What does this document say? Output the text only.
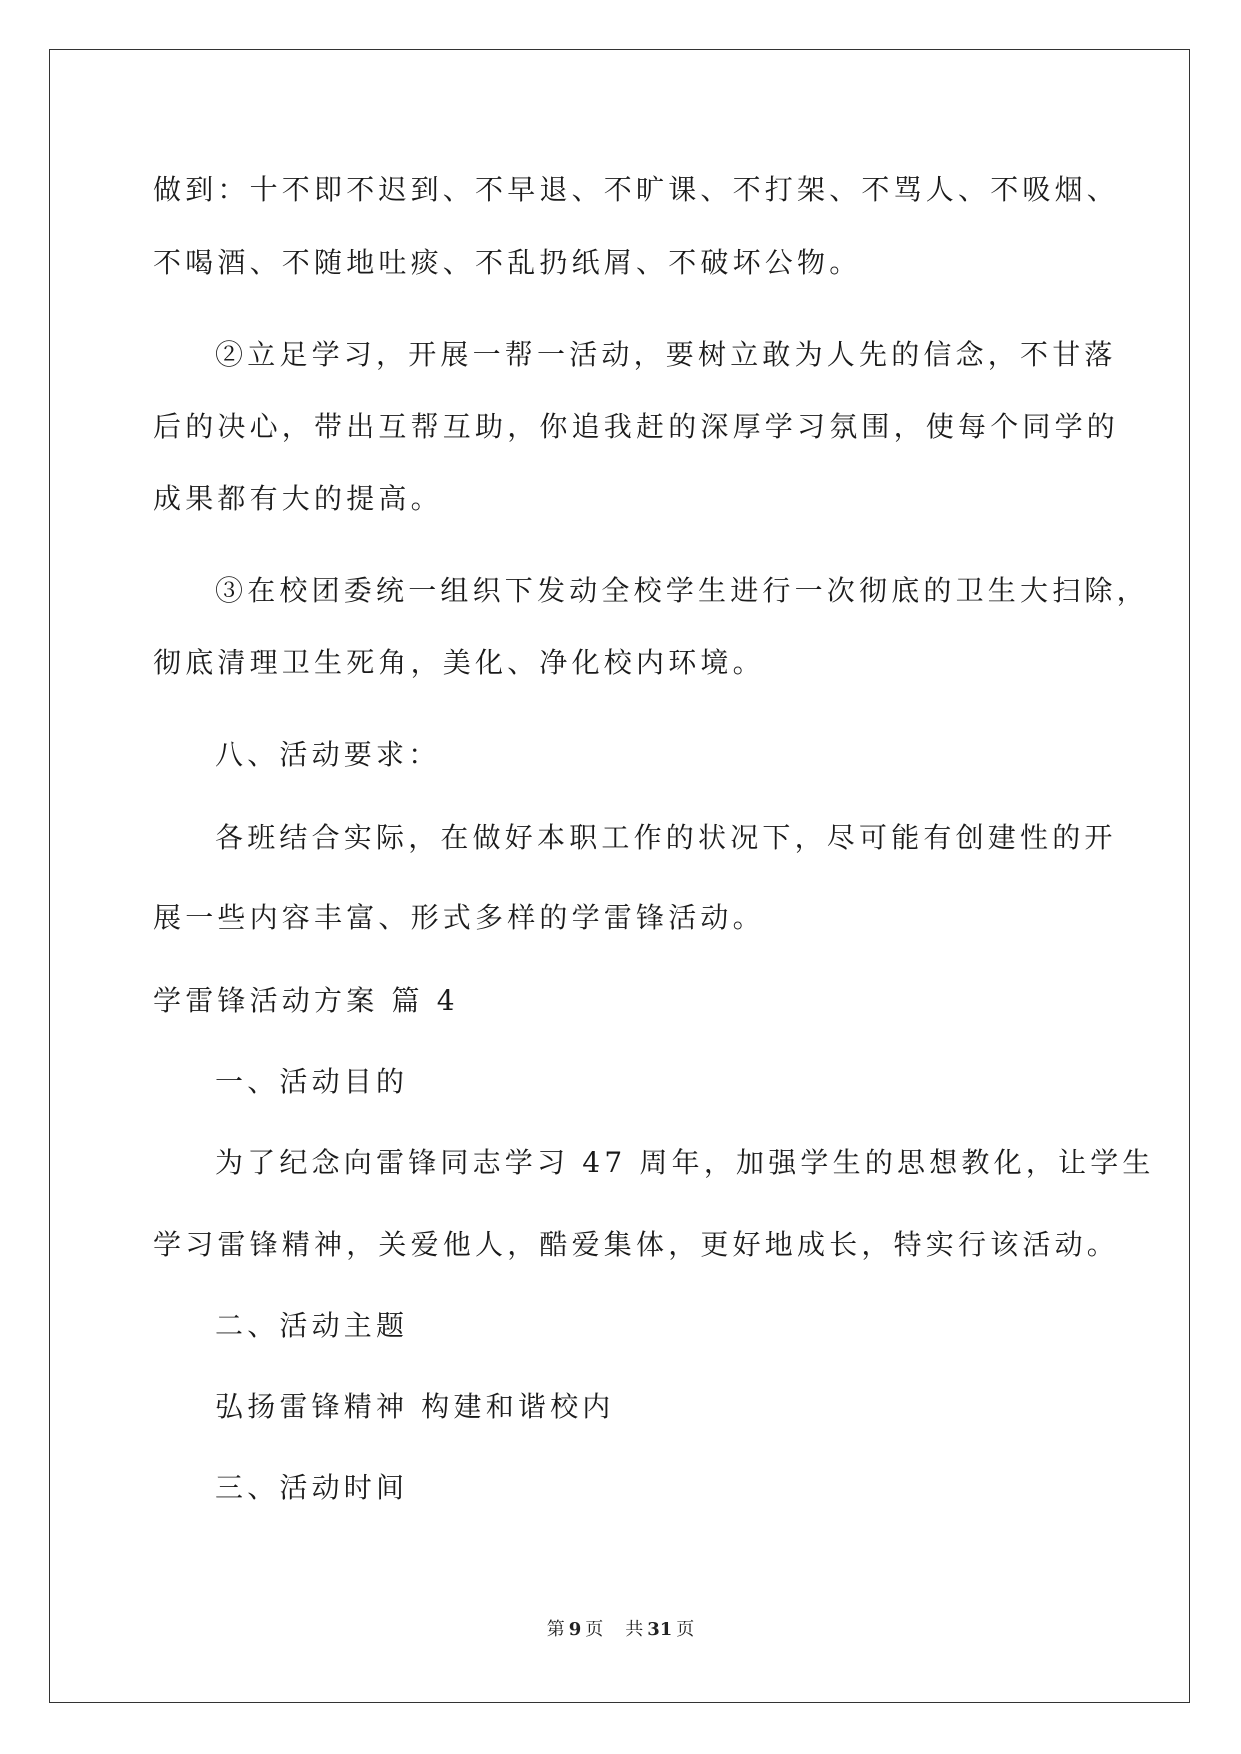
做到：十不即不迟到、不早退、不旷课、不打架、不骂人、不吸烟、
不喝酒、不随地吐痰、不乱扔纸屑、不破坏公物。
②立足学习，开展一帮一活动，要树立敢为人先的信念，不甘落
后的决心，带出互帮互助，你追我赶的深厚学习氛围，使每个同学的
成果都有大的提高。
③在校团委统一组织下发动全校学生进行一次彻底的卫生大扫除，
彻底清理卫生死角，美化、净化校内环境。
八、活动要求：
各班结合实际，在做好本职工作的状况下，尽可能有创建性的开
展一些内容丰富、形式多样的学雷锋活动。
学雷锋活动方案 篇 4
一、活动目的
为了纪念向雷锋同志学习 47 周年，加强学生的思想教化，让学生
学习雷锋精神，关爱他人，酷爱集体，更好地成长，特实行该活动。
二、活动主题
弘扬雷锋精神 构建和谐校内
三、活动时间
第 9 页 共 31 页
